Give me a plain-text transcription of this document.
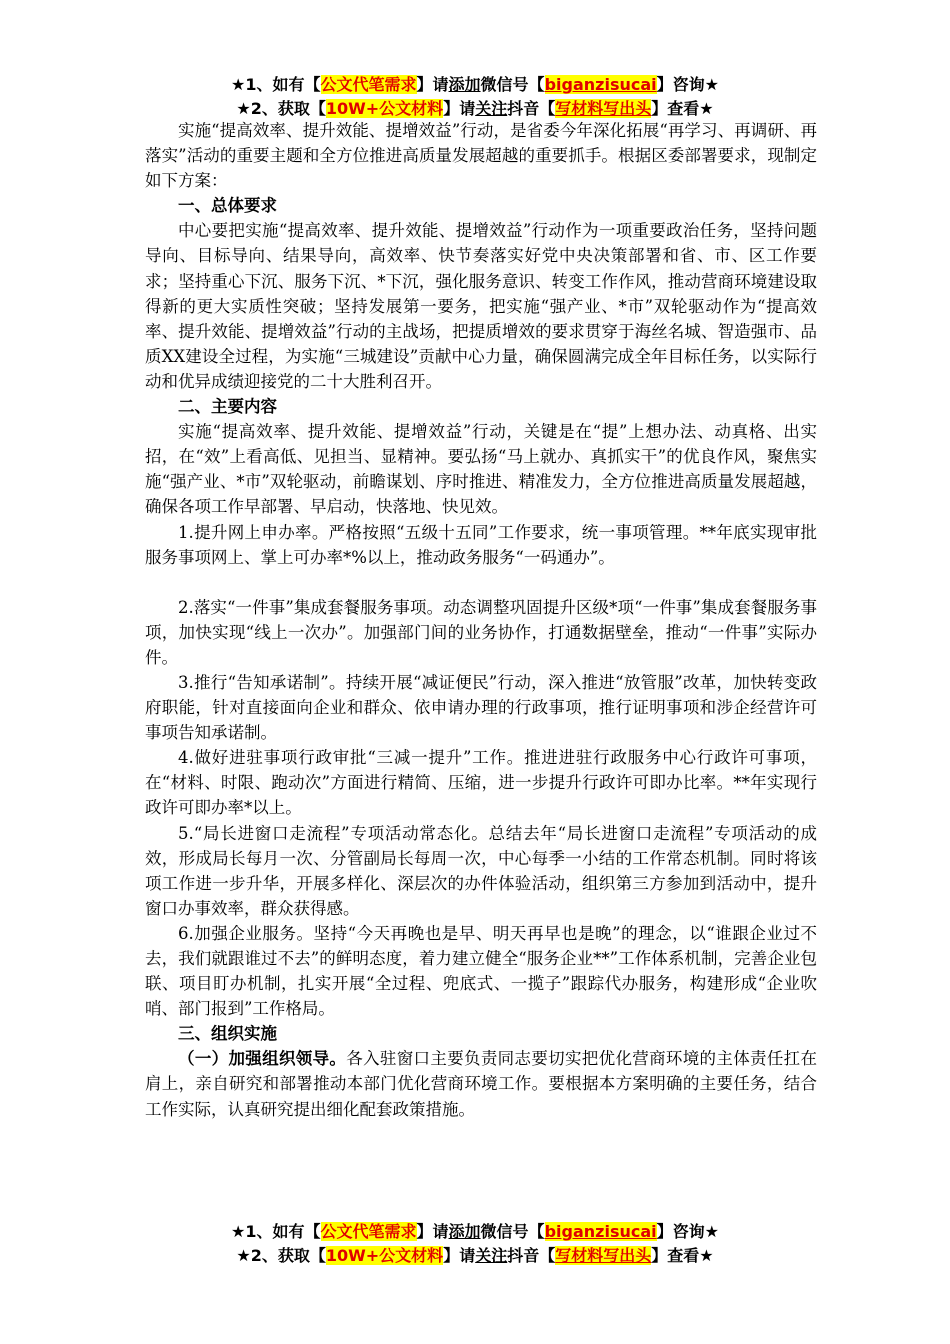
★1、如有【公文代笔需求】请添加微信号【biganzisucai】咨询★
★2、获取【10W+公文材料】请关注抖音【写材料写出头】查看★

实施“提高效率、提升效能、提增效益”行动，是省委今年深化拓展“再学习、再调研、再落实”活动的重要主题和全方位推进高质量发展超越的重要抓手。根据区委部署要求，现制定如下方案：

一、总体要求

中心要把实施“提高效率、提升效能、提增效益”行动作为一项重要政治任务，坚持问题导向、目标导向、结果导向，高效率、快节奏落实好党中央决策部署和省、市、区工作要求；坚持重心下沉、服务下沉、*下沉，强化服务意识、转变工作作风，推动营商环境建设取得新的更大实质性突破；坚持发展第一要务，把实施“强产业、*市”双轮驱动作为“提高效率、提升效能、提增效益”行动的主战场，把提质增效的要求贯穿于海丝名城、智造强市、品质XX建设全过程，为实施“三城建设”贡献中心力量，确保圆满完成全年目标任务，以实际行动和优异成绩迎接党的二十大胜利召开。

二、主要内容

实施“提高效率、提升效能、提增效益”行动，关键是在“提”上想办法、动真格、出实招，在“效”上看高低、见担当、显精神。要弘扬“马上就办、真抓实干”的优良作风，聚焦实施“强产业、*市”双轮驱动，前瞻谋划、序时推进、精准发力，全方位推进高质量发展超越，确保各项工作早部署、早启动，快落地、快见效。

1.提升网上申办率。严格按照“五级十五同”工作要求，统一事项管理。**年底实现审批服务事项网上、掌上可办率*%以上，推动政务服务“一码通办”。

2.落实“一件事”集成套餐服务事项。动态调整巩固提升区级*项“一件事”集成套餐服务事项，加快实现“线上一次办”。加强部门间的业务协作，打通数据壁垒，推动“一件事”实际办件。

3.推行“告知承诺制”。持续开展“减证便民”行动，深入推进“放管服”改革，加快转变政府职能，针对直接面向企业和群众、依申请办理的行政事项，推行证明事项和涉企经营许可事项告知承诺制。

4.做好进驻事项行政审批“三减一提升”工作。推进进驻行政服务中心行政许可事项，在“材料、时限、跑动次”方面进行精简、压缩，进一步提升行政许可即办比率。**年实现行政许可即办率*以上。

5.“局长进窗口走流程”专项活动常态化。总结去年“局长进窗口走流程”专项活动的成效，形成局长每月一次、分管副局长每周一次，中心每季一小结的工作常态机制。同时将该项工作进一步升华，开展多样化、深层次的办件体验活动，组织第三方参加到活动中，提升窗口办事效率，群众获得感。

6.加强企业服务。坚持“今天再晚也是早、明天再早也是晚”的理念，以“谁跟企业过不去，我们就跟谁过不去”的鲜明态度，着力建立健全“服务企业**”工作体系机制，完善企业包联、项目盯办机制，扎实开展“全过程、兜底式、一揽子”跟踪代办服务，构建形成“企业吹哨、部门报到”工作格局。

三、组织实施

（一）加强组织领导。各入驻窗口主要负责同志要切实把优化营商环境的主体责任扛在肩上，亲自研究和部署推动本部门优化营商环境工作。要根据本方案明确的主要任务，结合工作实际，认真研究提出细化配套政策措施。

★1、如有【公文代笔需求】请添加微信号【biganzisucai】咨询★
★2、获取【10W+公文材料】请关注抖音【写材料写出头】查看★
